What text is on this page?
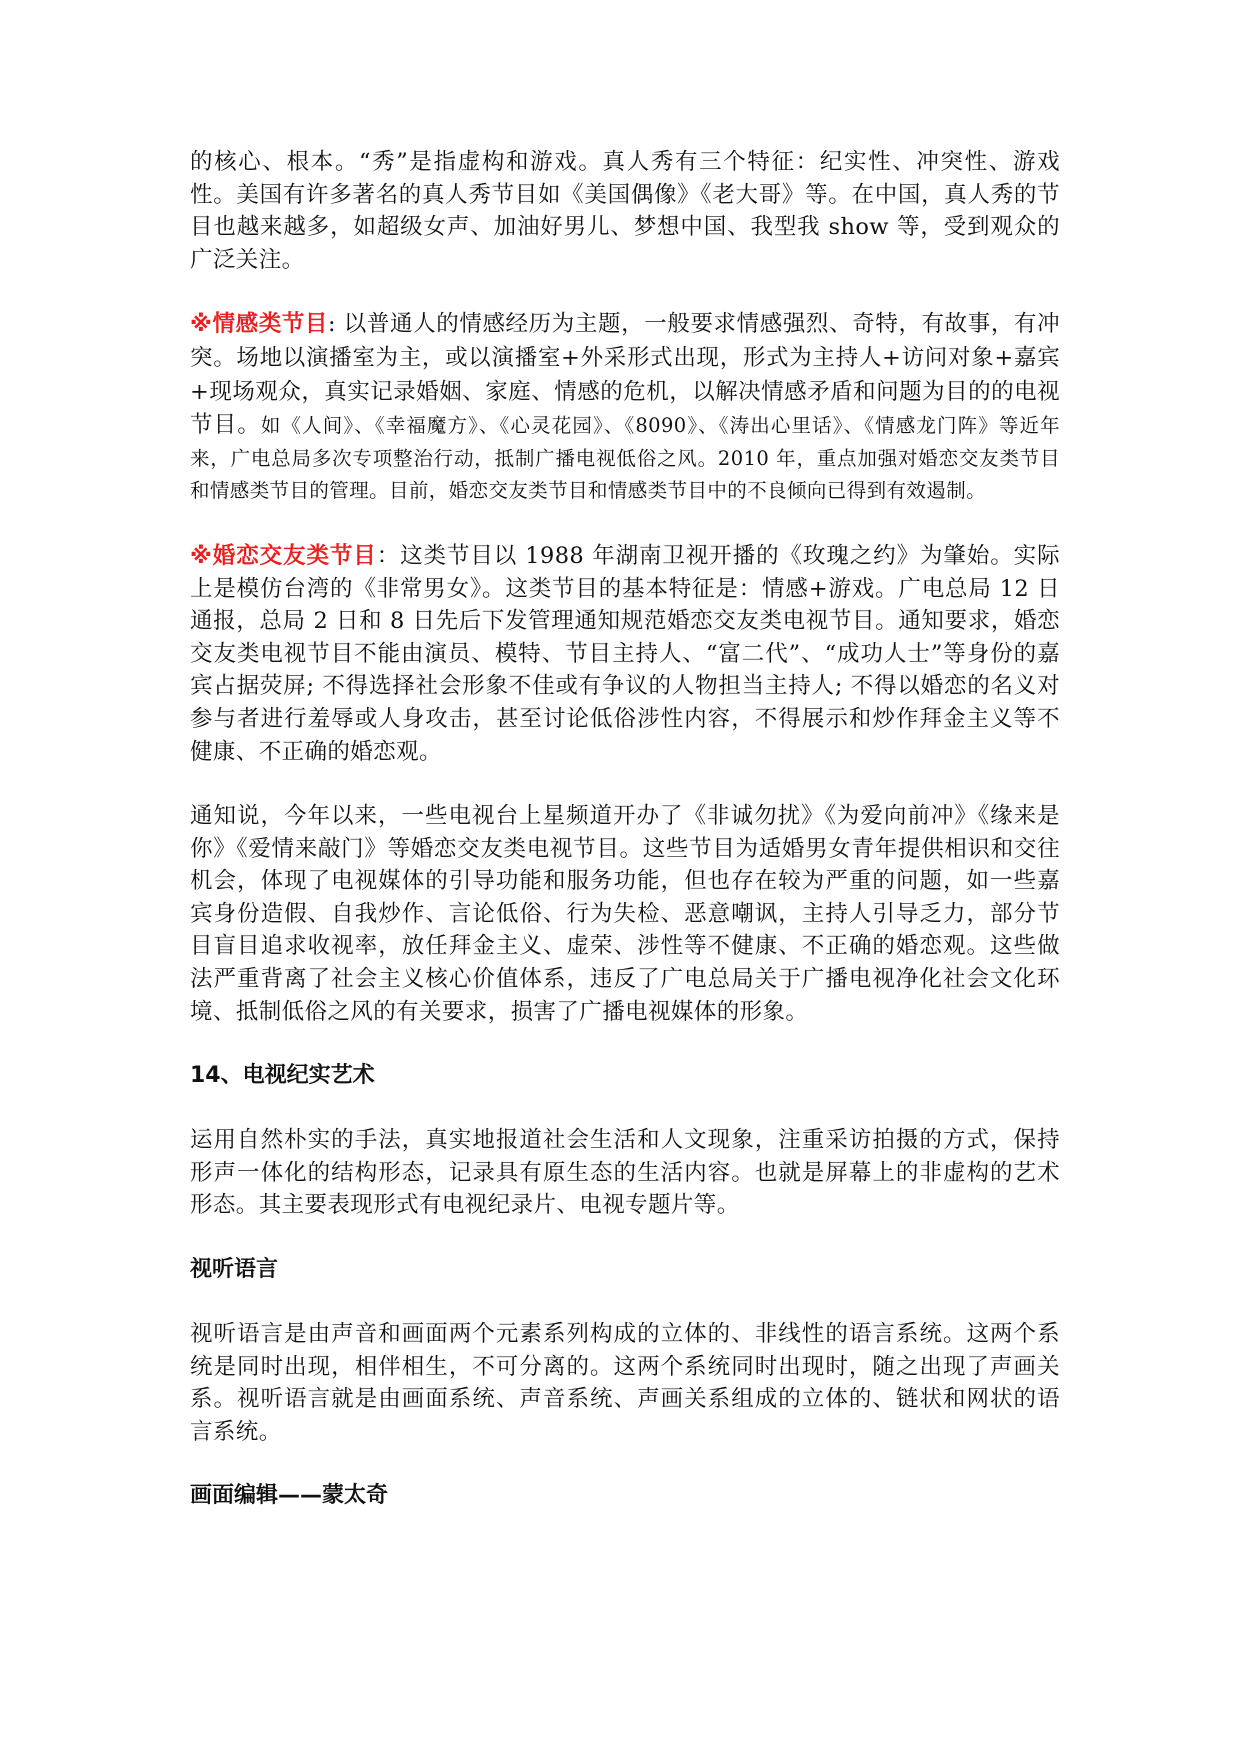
的核心、根本。“秀”是指虚构和游戏。真人秀有三个特征：纪实性、冲突性、游戏性。美国有许多著名的真人秀节目如《美国偶像》《老大哥》等。在中国，真人秀的节目也越来越多，如超级女声、加油好男儿、梦想中国、我型我 show 等，受到观众的广泛关注。

※情感类节目: 以普通人的情感经历为主题，一般要求情感强烈、奇特，有故事，有冲突。场地以演播室为主，或以演播室+外采形式出现，形式为主持人+访问对象+嘉宾+现场观众，真实记录婚姻、家庭、情感的危机，以解决情感矛盾和问题为目的的电视节目。如《人间》、《幸福魔方》、《心灵花园》、《8090》、《涛出心里话》、《情感龙门阵》等近年来，广电总局多次专项整治行动，抵制广播电视低俗之风。2010 年，重点加强对婚恋交友类节目和情感类节目的管理。目前，婚恋交友类节目和情感类节目中的不良倾向已得到有效遏制。

※婚恋交友类节目：这类节目以 1988 年湖南卫视开播的《玫瑰之约》为肇始。实际上是模仿台湾的《非常男女》。这类节目的基本特征是：情感+游戏。广电总局 12 日通报，总局 2 日和 8 日先后下发管理通知规范婚恋交友类电视节目。通知要求，婚恋交友类电视节目不能由演员、模特、节目主持人、“富二代”、“成功人士”等身份的嘉宾占据荧屏; 不得选择社会形象不佳或有争议的人物担当主持人; 不得以婚恋的名义对参与者进行羞辱或人身攻击，甚至讨论低俗涉性内容，不得展示和炒作拜金主义等不健康、不正确的婚恋观。

通知说，今年以来，一些电视台上星频道开办了《非诚勿扰》《为爱向前冲》《缘来是你》《爱情来敲门》等婚恋交友类电视节目。这些节目为适婚男女青年提供相识和交往机会，体现了电视媒体的引导功能和服务功能，但也存在较为严重的问题，如一些嘉宾身份造假、自我炒作、言论低俗、行为失检、恶意嘲讽，主持人引导乏力，部分节目盲目追求收视率，放任拜金主义、虚荣、涉性等不健康、不正确的婚恋观。这些做法严重背离了社会主义核心价值体系，违反了广电总局关于广播电视净化社会文化环境、抵制低俗之风的有关要求，损害了广播电视媒体的形象。

14、电视纪实艺术

运用自然朴实的手法，真实地报道社会生活和人文现象，注重采访拍摄的方式，保持形声一体化的结构形态，记录具有原生态的生活内容。也就是屏幕上的非虚构的艺术形态。其主要表现形式有电视纪录片、电视专题片等。

视听语言

视听语言是由声音和画面两个元素系列构成的立体的、非线性的语言系统。这两个系统是同时出现，相伴相生，不可分离的。这两个系统同时出现时，随之出现了声画关系。视听语言就是由画面系统、声音系统、声画关系组成的立体的、链状和网状的语言系统。

画面编辑——蒙太奇
